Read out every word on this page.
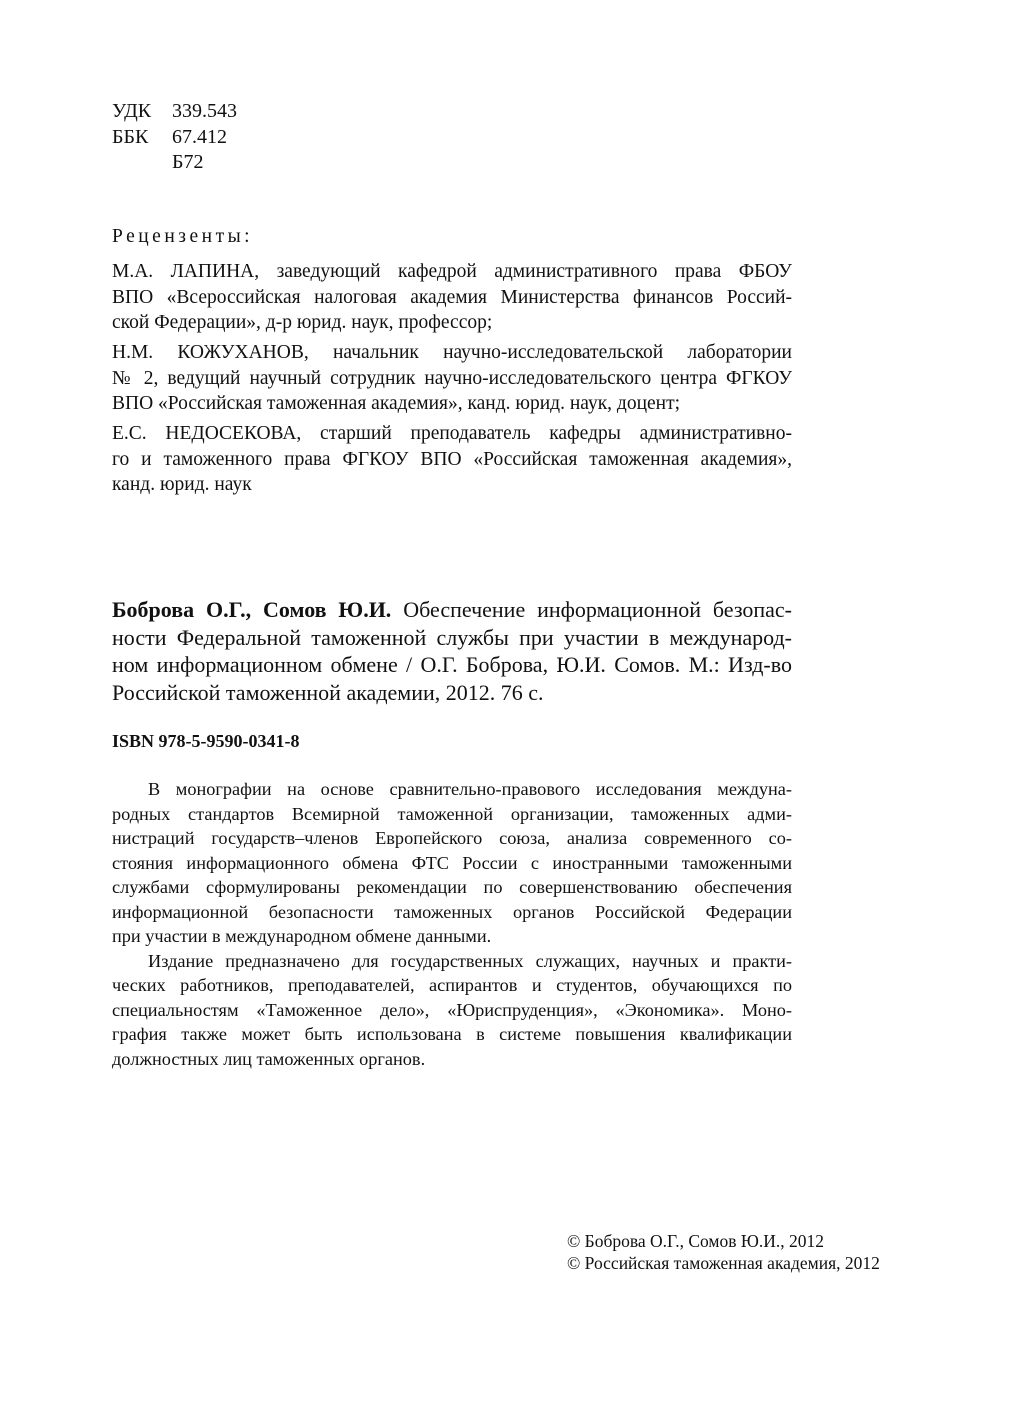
УДК 339.543
ББК 67.412
Б72
Рецензенты:
М.А. ЛАПИНА, заведующий кафедрой административного права ФБОУ
ВПО «Всероссийская налоговая академия Министерства финансов Россий-
ской Федерации», д-р юрид. наук, профессор;
Н.М. КОЖУХАНОВ, начальник научно-исследовательской лаборатории
№ 2, ведущий научный сотрудник научно-исследовательского центра ФГКОУ
ВПО «Российская таможенная академия», канд. юрид. наук, доцент;
Е.С. НЕДОСЕКОВА, старший преподаватель кафедры административно-
го и таможенного права ФГКОУ ВПО «Российская таможенная академия»,
канд. юрид. наук
Боброва О.Г., Сомов Ю.И. Обеспечение информационной безопас-
ности Федеральной таможенной службы при участии в международ-
ном информационном обмене / О.Г. Боброва, Ю.И. Сомов. М.: Изд-во
Российской таможенной академии, 2012. 76 с.
ISBN 978-5-9590-0341-8
В монографии на основе сравнительно-правового исследования междуна-
родных стандартов Всемирной таможенной организации, таможенных адми-
нистраций государств–членов Европейского союза, анализа современного со-
стояния информационного обмена ФТС России с иностранными таможенными
службами сформулированы рекомендации по совершенствованию обеспечения
информационной безопасности таможенных органов Российской Федерации
при участии в международном обмене данными.
Издание предназначено для государственных служащих, научных и практи-
ческих работников, преподавателей, аспирантов и студентов, обучающихся по
специальностям «Таможенное дело», «Юриспруденция», «Экономика». Моно-
графия также может быть использована в системе повышения квалификации
должностных лиц таможенных органов.
© Боброва О.Г., Сомов Ю.И., 2012
© Российская таможенная академия, 2012
